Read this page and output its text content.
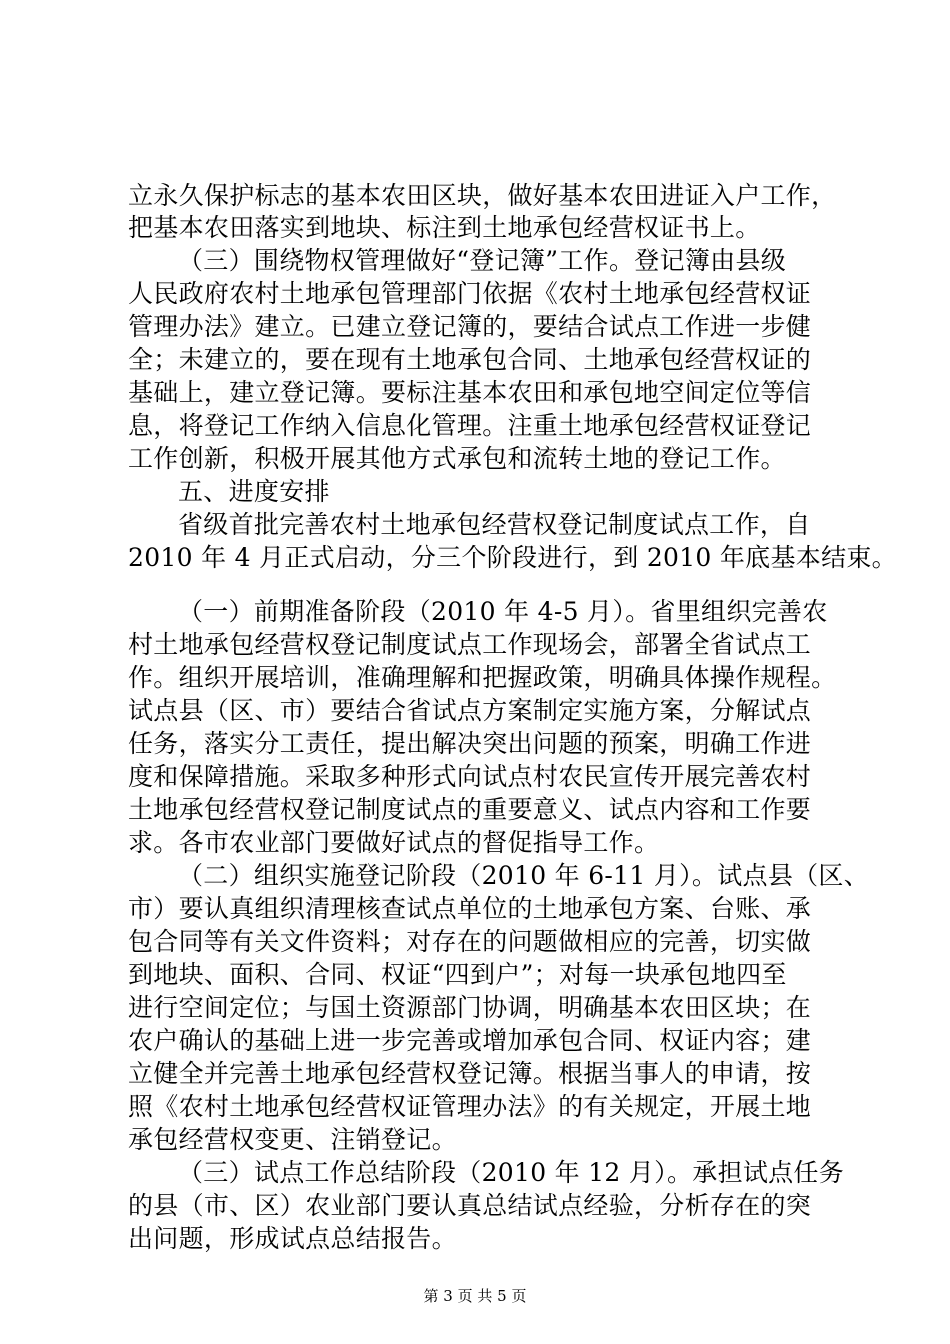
立永久保护标志的基本农田区块，做好基本农田进证入户工作，
把基本农田落实到地块、标注到土地承包经营权证书上。
（三）围绕物权管理做好“登记簿”工作。登记簿由县级
人民政府农村土地承包管理部门依据《农村土地承包经营权证
管理办法》建立。已建立登记簿的，要结合试点工作进一步健
全；未建立的，要在现有土地承包合同、土地承包经营权证的
基础上，建立登记簿。要标注基本农田和承包地空间定位等信
息，将登记工作纳入信息化管理。注重土地承包经营权证登记
工作创新，积极开展其他方式承包和流转土地的登记工作。
五、进度安排
省级首批完善农村土地承包经营权登记制度试点工作，自
2010 年 4 月正式启动，分三个阶段进行，到 2010 年底基本结束。
（一）前期准备阶段（2010 年 4-5 月）。省里组织完善农
村土地承包经营权登记制度试点工作现场会，部署全省试点工
作。组织开展培训，准确理解和把握政策，明确具体操作规程。
试点县（区、市）要结合省试点方案制定实施方案，分解试点
任务，落实分工责任，提出解决突出问题的预案，明确工作进
度和保障措施。采取多种形式向试点村农民宣传开展完善农村
土地承包经营权登记制度试点的重要意义、试点内容和工作要
求。各市农业部门要做好试点的督促指导工作。
（二）组织实施登记阶段（2010 年 6-11 月）。试点县（区、
市）要认真组织清理核查试点单位的土地承包方案、台账、承
包合同等有关文件资料；对存在的问题做相应的完善，切实做
到地块、面积、合同、权证“四到户”；对每一块承包地四至
进行空间定位；与国土资源部门协调，明确基本农田区块；在
农户确认的基础上进一步完善或增加承包合同、权证内容；建
立健全并完善土地承包经营权登记簿。根据当事人的申请，按
照《农村土地承包经营权证管理办法》的有关规定，开展土地
承包经营权变更、注销登记。
（三）试点工作总结阶段（2010 年 12 月）。承担试点任务
的县（市、区）农业部门要认真总结试点经验，分析存在的突
出问题，形成试点总结报告。
第 3 页 共 5 页
